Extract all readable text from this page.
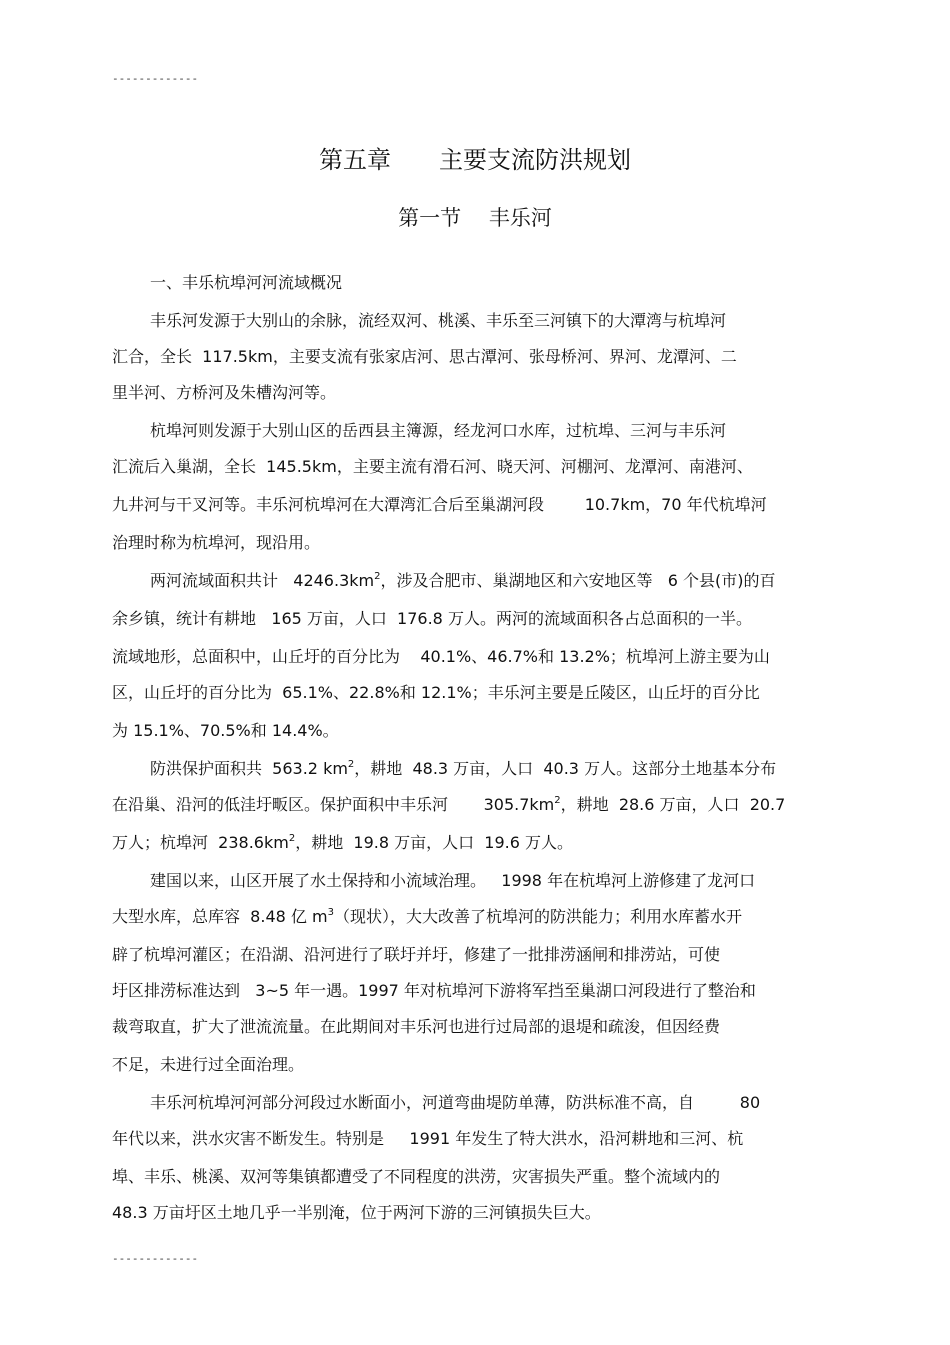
-------------
第五章　　主要支流防洪规划
第一节　 丰乐河
一、丰乐杭埠河河流域概况
丰乐河发源于大别山的余脉，流经双河、桃溪、丰乐至三河镇下的大潭湾与杭埠河
汇合，全长  117.5km，主要支流有张家店河、思古潭河、张母桥河、界河、龙潭河、二
里半河、方桥河及朱槽沟河等。
杭埠河则发源于大别山区的岳西县主簿源，经龙河口水库，过杭埠、三河与丰乐河
汇流后入巢湖，全长  145.5km，主要主流有滑石河、晓天河、河棚河、龙潭河、南港河、
九井河与干叉河等。丰乐河杭埠河在大潭湾汇合后至巢湖河段        10.7km，70 年代杭埠河
治理时称为杭埠河，现沿用。
两河流域面积共计   $4246.3km^2$，涉及合肥市、巢湖地区和六安地区等   6 个县(市)的百
余乡镇，统计有耕地   165 万亩，人口  176.8 万人。两河的流域面积各占总面积的一半。
流域地形，总面积中，山丘圩的百分比为    40.1%、46.7%和 13.2%；杭埠河上游主要为山
区，山丘圩的百分比为  65.1%、22.8%和 12.1%；丰乐河主要是丘陵区，山丘圩的百分比
为 15.1%、70.5%和 14.4%。
防洪保护面积共  563.2 $km^2$，耕地  48.3 万亩，人口  40.3 万人。这部分土地基本分布
在沿巢、沿河的低洼圩畈区。保护面积中丰乐河       $305.7km^2$，耕地  28.6 万亩，人口  20.7
万人；杭埠河  $238.6km^2$，耕地  19.8 万亩，人口  19.6 万人。
建国以来，山区开展了水土保持和小流域治理。   1998 年在杭埠河上游修建了龙河口
大型水库，总库容  8.48 亿 $m^3$（现状），大大改善了杭埠河的防洪能力；利用水库蓄水开
辟了杭埠河灌区；在沿湖、沿河进行了联圩并圩，修建了一批排涝涵闸和排涝站，可使
圩区排涝标准达到   3~5 年一遇。1997 年对杭埠河下游将军挡至巢湖口河段进行了整治和
裁弯取直，扩大了泄流流量。在此期间对丰乐河也进行过局部的退堤和疏浚，但因经费
不足，未进行过全面治理。
丰乐河杭埠河河部分河段过水断面小，河道弯曲堤防单薄，防洪标准不高，自         80
年代以来，洪水灾害不断发生。特别是     1991 年发生了特大洪水，沿河耕地和三河、杭
埠、丰乐、桃溪、双河等集镇都遭受了不同程度的洪涝，灾害损失严重。整个流域内的
48.3 万亩圩区土地几乎一半别淹，位于两河下游的三河镇损失巨大。
-------------
